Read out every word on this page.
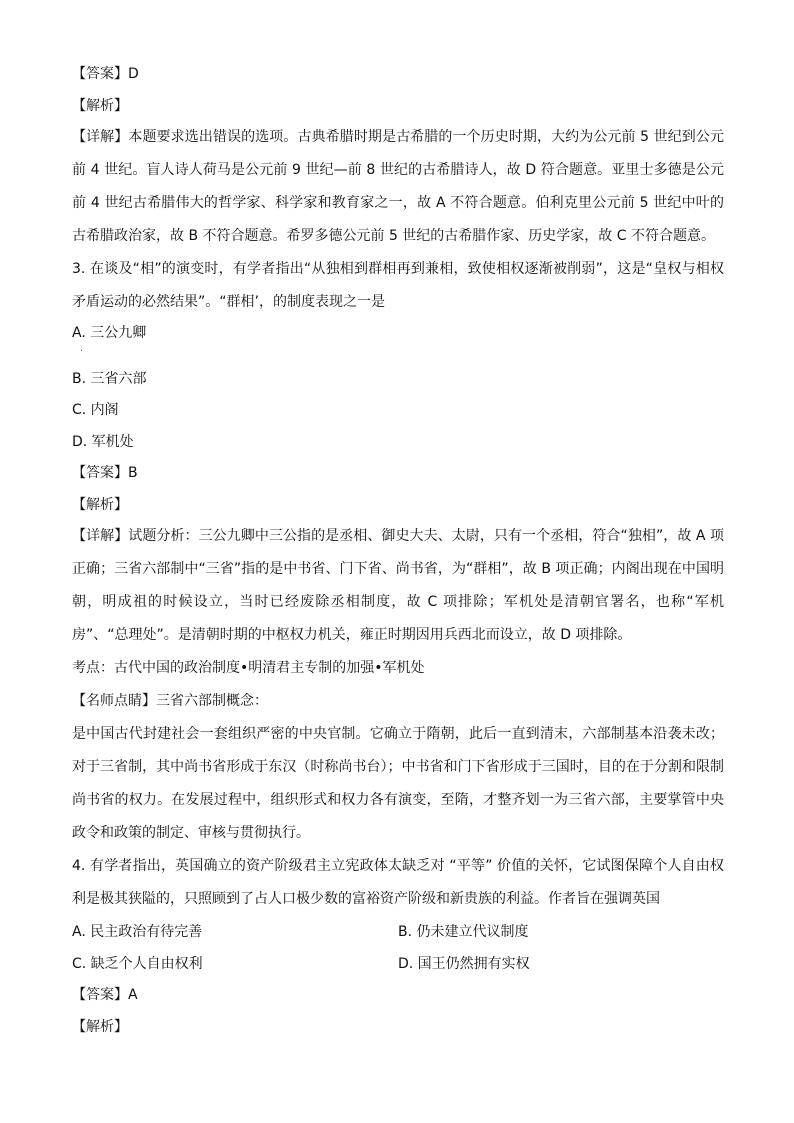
【答案】D
【解析】
【详解】本题要求选出错误的选项。古典希腊时期是古希腊的一个历史时期，大约为公元前 5 世纪到公元前 4 世纪。盲人诗人荷马是公元前 9 世纪—前 8 世纪的古希腊诗人，故 D 符合题意。亚里士多德是公元前 4 世纪古希腊伟大的哲学家、科学家和教育家之一，故 A 不符合题意。伯利克里公元前 5 世纪中叶的古希腊政治家，故 B 不符合题意。希罗多德公元前 5 世纪的古希腊作家、历史学家，故 C 不符合题意。
3. 在谈及“相”的演变时，有学者指出“从独相到群相再到兼相，致使相权逐渐被削弱”，这是“皇权与相权矛盾运动的必然结果”。“群相’，的制度表现之一是
A. 三公九卿
·
B. 三省六部
C. 内阁
D. 军机处
【答案】B
【解析】
【详解】试题分析：三公九卿中三公指的是丞相、御史大夫、太尉，只有一个丞相，符合“独相”，故 A 项正确；三省六部制中“三省”指的是中书省、门下省、尚书省，为“群相”，故 B 项正确；内阁出现在中国明朝，明成祖的时候设立，当时已经废除丞相制度，故 C 项排除；军机处是清朝官署名，也称“军机房”、“总理处”。是清朝时期的中枢权力机关，雍正时期因用兵西北而设立，故 D 项排除。
考点：古代中国的政治制度•明清君主专制的加强•军机处
【名师点睛】三省六部制概念：
是中国古代封建社会一套组织严密的中央官制。它确立于隋朝，此后一直到清末，六部制基本沿袭未改；对于三省制，其中尚书省形成于东汉（时称尚书台）；中书省和门下省形成于三国时，目的在于分割和限制尚书省的权力。在发展过程中，组织形式和权力各有演变，至隋，才整齐划一为三省六部，主要掌管中央政令和政策的制定、审核与贯彻执行。
4. 有学者指出，英国确立的资产阶级君主立宪政体太缺乏对 “平等” 价值的关怀，它试图保障个人自由权利是极其狭隘的，只照顾到了占人口极少数的富裕资产阶级和新贵族的利益。作者旨在强调英国
A. 民主政治有待完善	B. 仍未建立代议制度
C. 缺乏个人自由权利	D. 国王仍然拥有实权
【答案】A
【解析】
